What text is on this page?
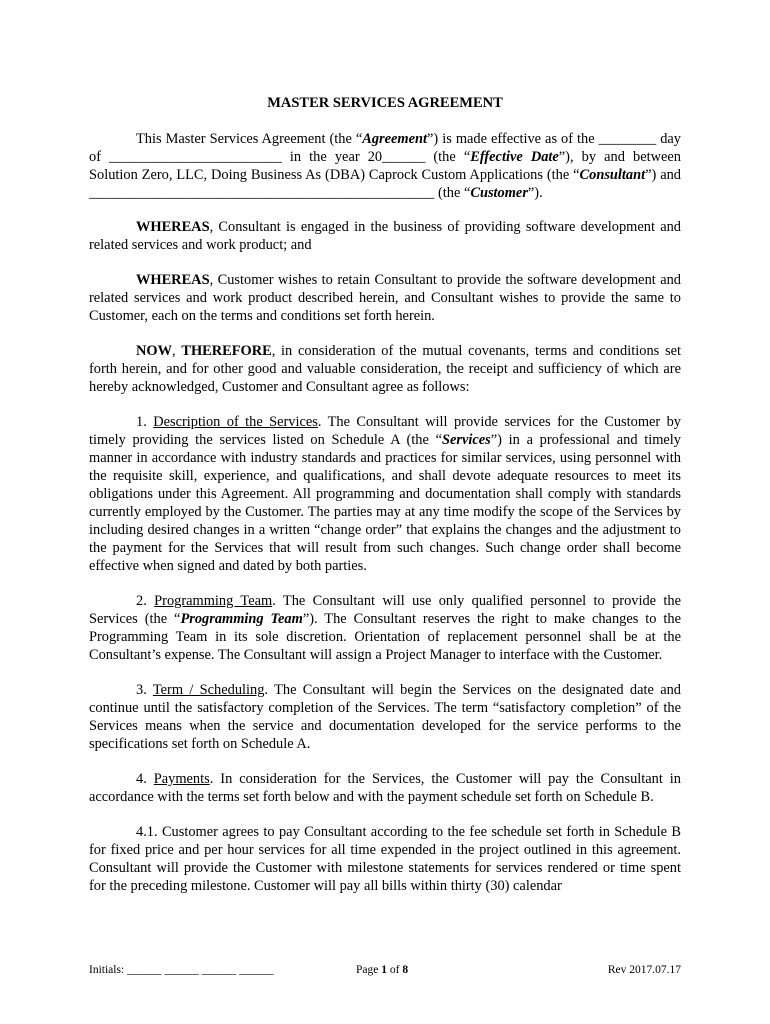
MASTER SERVICES AGREEMENT

This Master Services Agreement (the “Agreement”) is made effective as of the ________ day of ________________________ in the year 20______ (the “Effective Date”), by and between Solution Zero, LLC, Doing Business As (DBA) Caprock Custom Applications (the “Consultant”) and ________________________________________________ (the “Customer”).

WHEREAS, Consultant is engaged in the business of providing software development and related services and work product; and

WHEREAS, Customer wishes to retain Consultant to provide the software development and related services and work product described herein, and Consultant wishes to provide the same to Customer, each on the terms and conditions set forth herein.

NOW, THEREFORE, in consideration of the mutual covenants, terms and conditions set forth herein, and for other good and valuable consideration, the receipt and sufficiency of which are hereby acknowledged, Customer and Consultant agree as follows:

1. Description of the Services. The Consultant will provide services for the Customer by timely providing the services listed on Schedule A (the “Services”) in a professional and timely manner in accordance with industry standards and practices for similar services, using personnel with the requisite skill, experience, and qualifications, and shall devote adequate resources to meet its obligations under this Agreement. All programming and documentation shall comply with standards currently employed by the Customer. The parties may at any time modify the scope of the Services by including desired changes in a written “change order” that explains the changes and the adjustment to the payment for the Services that will result from such changes. Such change order shall become effective when signed and dated by both parties.

2. Programming Team. The Consultant will use only qualified personnel to provide the Services (the “Programming Team”). The Consultant reserves the right to make changes to the Programming Team in its sole discretion. Orientation of replacement personnel shall be at the Consultant’s expense. The Consultant will assign a Project Manager to interface with the Customer.

3. Term / Scheduling. The Consultant will begin the Services on the designated date and continue until the satisfactory completion of the Services. The term “satisfactory completion” of the Services means when the service and documentation developed for the service performs to the specifications set forth on Schedule A.

4. Payments. In consideration for the Services, the Customer will pay the Consultant in accordance with the terms set forth below and with the payment schedule set forth on Schedule B.

4.1. Customer agrees to pay Consultant according to the fee schedule set forth in Schedule B for fixed price and per hour services for all time expended in the project outlined in this agreement. Consultant will provide the Customer with milestone statements for services rendered or time spent for the preceding milestone. Customer will pay all bills within thirty (30) calendar

Initials: ______ ______ ______ ______	Page 1 of 8	Rev 2017.07.17
